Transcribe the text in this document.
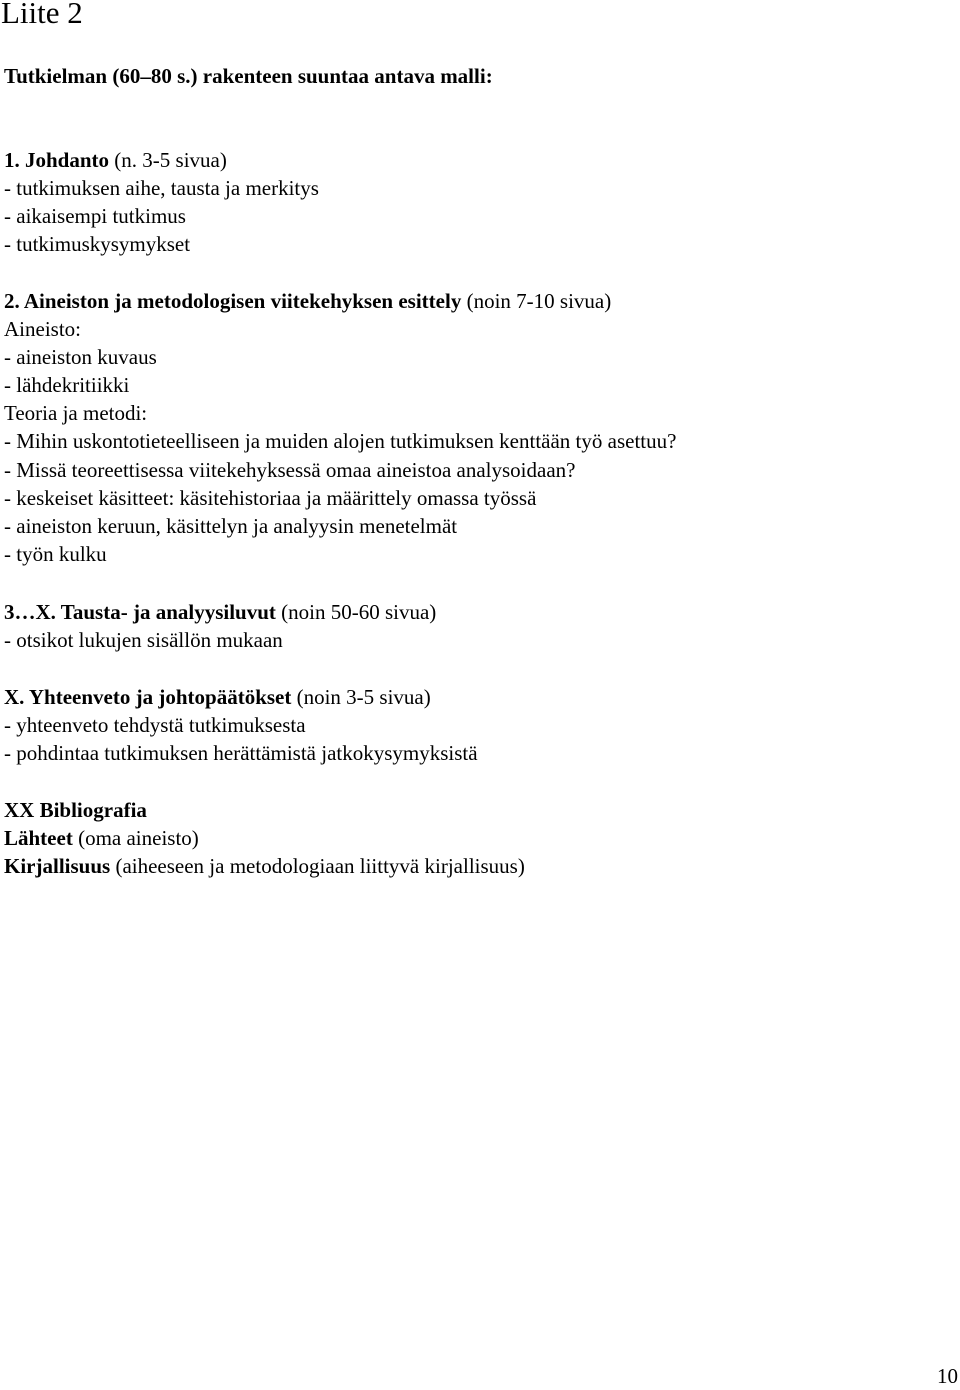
Liite 2

Tutkielman (60–80 s.) rakenteen suuntaa antava malli:

1. Johdanto (n. 3-5 sivua)

- tutkimuksen aihe, tausta ja merkitys

- aikaisempi tutkimus

- tutkimuskysymykset

2. Aineiston ja metodologisen viitekehyksen esittely (noin 7-10 sivua)

Aineisto:

- aineiston kuvaus

- lähdekritiikki

Teoria ja metodi:

- Mihin uskontotieteelliseen ja muiden alojen tutkimuksen kenttään työ asettuu?

- Missä teoreettisessa viitekehyksessä omaa aineistoa analysoidaan?

- keskeiset käsitteet: käsitehistoriaa ja määrittely omassa työssä

- aineiston keruun, käsittelyn ja analyysin menetelmät

- työn kulku

3…X. Tausta- ja analyysiluvut (noin 50-60 sivua)

- otsikot lukujen sisällön mukaan

X. Yhteenveto ja johtopäätökset (noin 3-5 sivua)

- yhteenveto tehdystä tutkimuksesta

- pohdintaa tutkimuksen herättämistä jatkokysymyksistä

XX Bibliografia

Lähteet (oma aineisto)

Kirjallisuus (aiheeseen ja metodologiaan liittyvä kirjallisuus)

10
